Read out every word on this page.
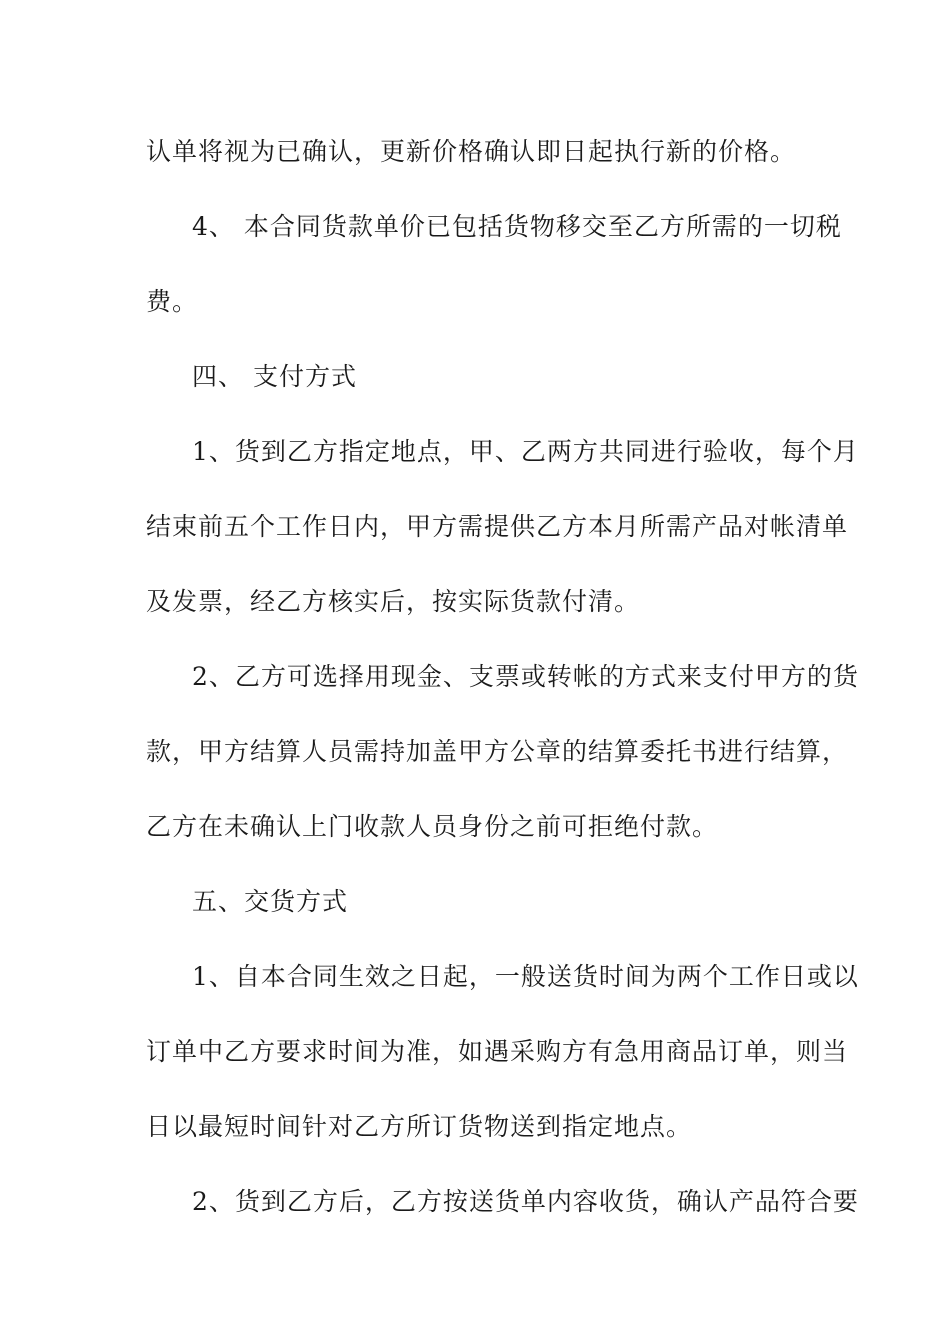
认单将视为已确认，更新价格确认即日起执行新的价格。
4、 本合同货款单价已包括货物移交至乙方所需的一切税
费。
四、 支付方式
1、货到乙方指定地点，甲、乙两方共同进行验收，每个月
结束前五个工作日内，甲方需提供乙方本月所需产品对帐清单
及发票，经乙方核实后，按实际货款付清。
2、乙方可选择用现金、支票或转帐的方式来支付甲方的货
款，甲方结算人员需持加盖甲方公章的结算委托书进行结算，
乙方在未确认上门收款人员身份之前可拒绝付款。
五、交货方式
1、自本合同生效之日起，一般送货时间为两个工作日或以
订单中乙方要求时间为准，如遇采购方有急用商品订单，则当
日以最短时间针对乙方所订货物送到指定地点。
2、货到乙方后，乙方按送货单内容收货，确认产品符合要
